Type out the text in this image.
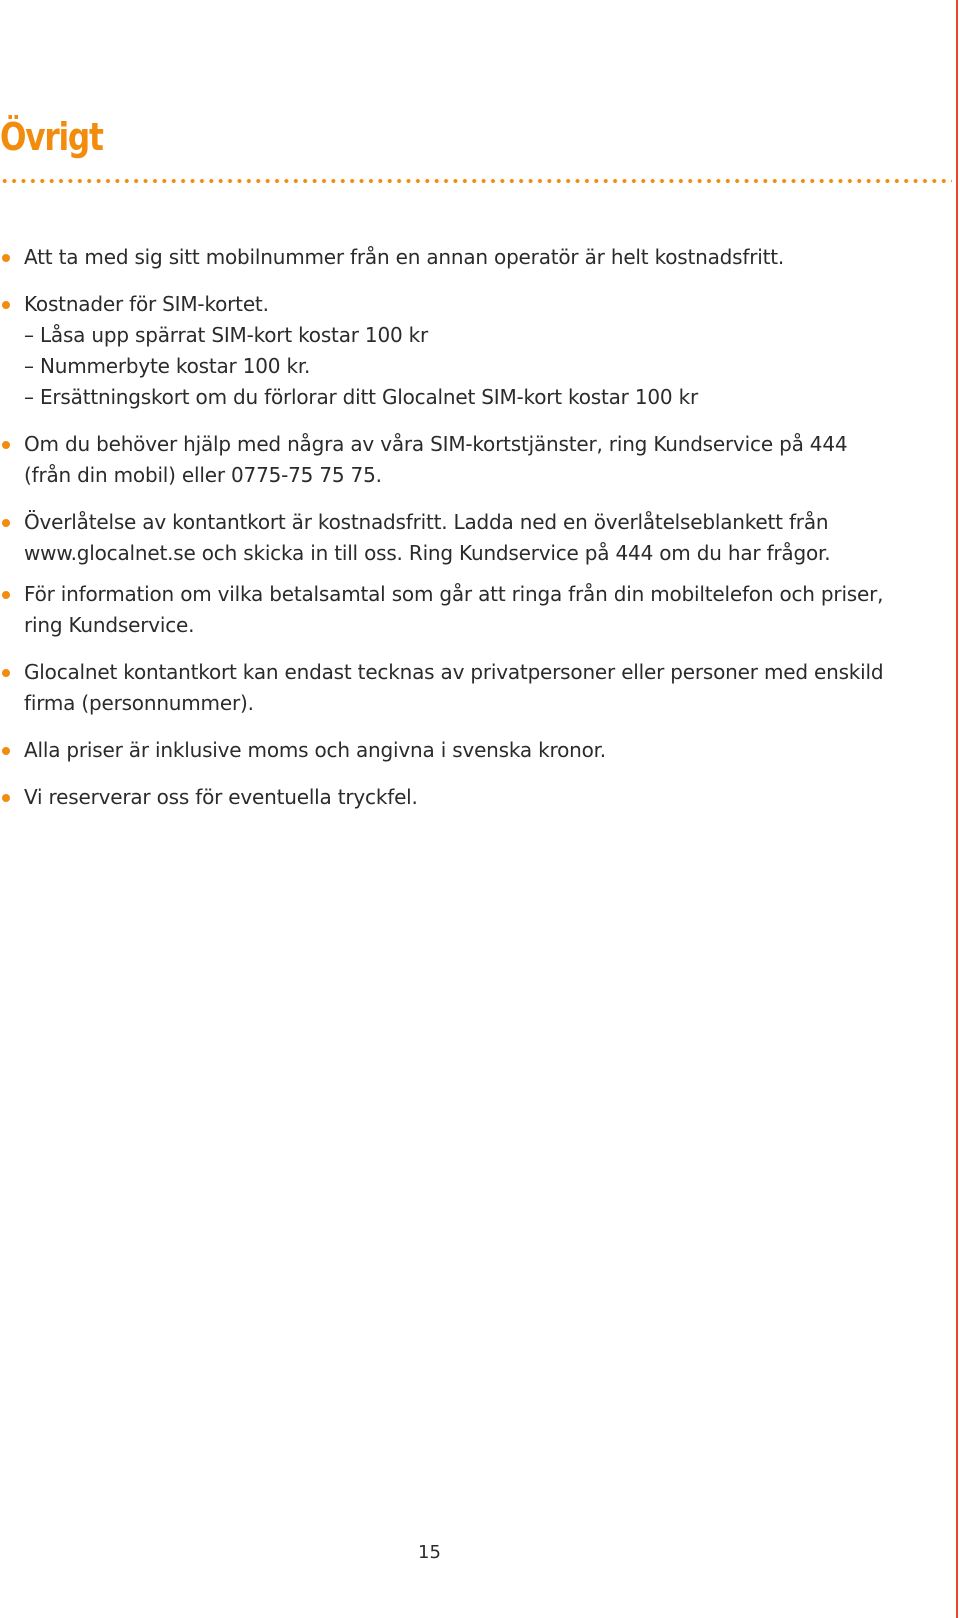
Övrigt
Att ta med sig sitt mobilnummer från en annan operatör är helt kostnadsfritt.
Kostnader för SIM-kortet.
– Låsa upp spärrat SIM-kort kostar 100 kr
– Nummerbyte kostar 100 kr.
– Ersättningskort om du förlorar ditt Glocalnet SIM-kort kostar 100 kr
Om du behöver hjälp med några av våra SIM-kortstjänster, ring Kundservice på 444 (från din mobil) eller 0775-75 75 75.
Överlåtelse av kontantkort är kostnadsfritt. Ladda ned en överlåtelseblankett från www.glocalnet.se och skicka in till oss. Ring Kundservice på 444 om du har frågor.
För information om vilka betalsamtal som går att ringa från din mobiltelefon och priser, ring Kundservice.
Glocalnet kontantkort kan endast tecknas av privatpersoner eller personer med enskild firma (personnummer).
Alla priser är inklusive moms och angivna i svenska kronor.
Vi reserverar oss för eventuella tryckfel.
15
